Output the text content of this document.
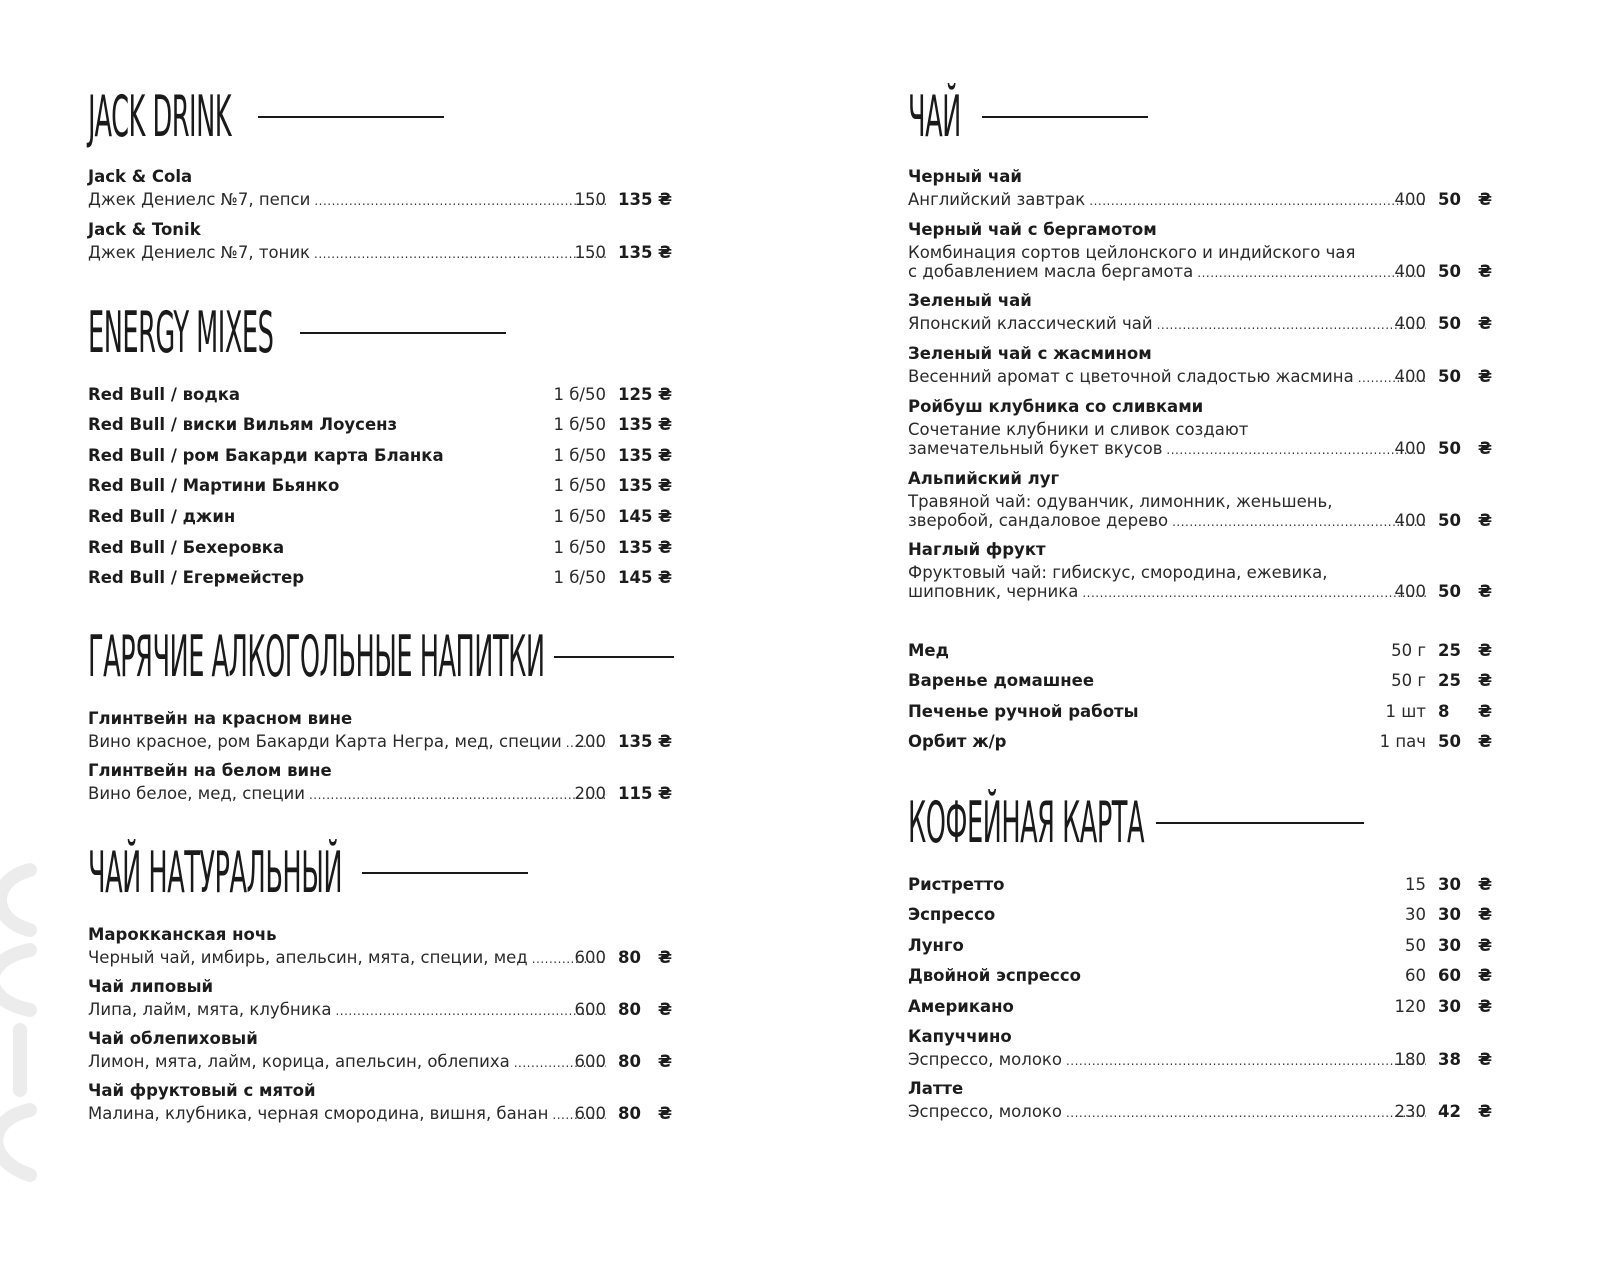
JACK DRINK
Jack & Cola
Джек Дениелс №7, пепси .....	150 135 ₴
Jack & Tonik
Джек Дениелс №7, тоник .....	150 135 ₴
ENERGY MIXES
Red Bull / водка	1 б/50 125 ₴
Red Bull / виски Вильям Лоусенз	1 б/50 135 ₴
Red Bull / ром Бакарди карта Бланка	1 б/50 135 ₴
Red Bull / Мартини Бьянко	1 б/50 135 ₴
Red Bull / джин	1 б/50 145 ₴
Red Bull / Бехеровка	1 б/50 135 ₴
Red Bull / Егермейстер	1 б/50 145 ₴
ГАРЯЧИЕ АЛКОГОЛЬНЫЕ НАПИТКИ
Глинтвейн на красном вине
Вино красное, ром Бакарди Карта Негра, мед, специи ..... 200 135 ₴
Глинтвейн на белом вине
Вино белое, мед, специи .....	200 115 ₴
ЧАЙ НАТУРАЛЬНЫЙ
Марокканская ночь
Черный чай, имбирь, апельсин, мята, специи, мед .....	600 80 ₴
Чай липовый
Липа, лайм, мята, клубника .....	600 80 ₴
Чай облепиховый
Лимон, мята, лайм, корица, апельсин, облепиха .....	600 80 ₴
Чай фруктовый с мятой
Малина, клубника, черная смородина, вишня, банан .....	600 80 ₴
ЧАЙ
Черный чай
Английский завтрак .....	400 50 ₴
Черный чай с бергамотом
Комбинация сортов цейлонского и индийского чая
с добавлением масла бергамота .....	400 50 ₴
Зеленый чай
Японский классический чай .....	400 50 ₴
Зеленый чай с жасмином
Весенний аромат с цветочной сладостью жасмина .....	400 50 ₴
Ройбуш клубника со сливками
Сочетание клубники и сливок создают
замечательный букет вкусов .....	400 50 ₴
Альпийский луг
Травяной чай: одуванчик, лимонник, женьшень,
зверобой, сандаловое дерево .....	400 50 ₴
Наглый фрукт
Фруктовый чай: гибискус, смородина, ежевика,
шиповник, черника .....	400 50 ₴
Мед	50 г 25 ₴
Варенье домашнее	50 г 25 ₴
Печенье ручной работы	1 шт 8 ₴
Орбит ж/р	1 пач 50 ₴
КОФЕЙНАЯ КАРТА
Ристретто	15 30 ₴
Эспрессо	30 30 ₴
Лунго	50 30 ₴
Двойной эспрессо	60 60 ₴
Американо	120 30 ₴
Капуччино
Эспрессо, молоко .....	180 38 ₴
Латте
Эспрессо, молоко .....	230 42 ₴
